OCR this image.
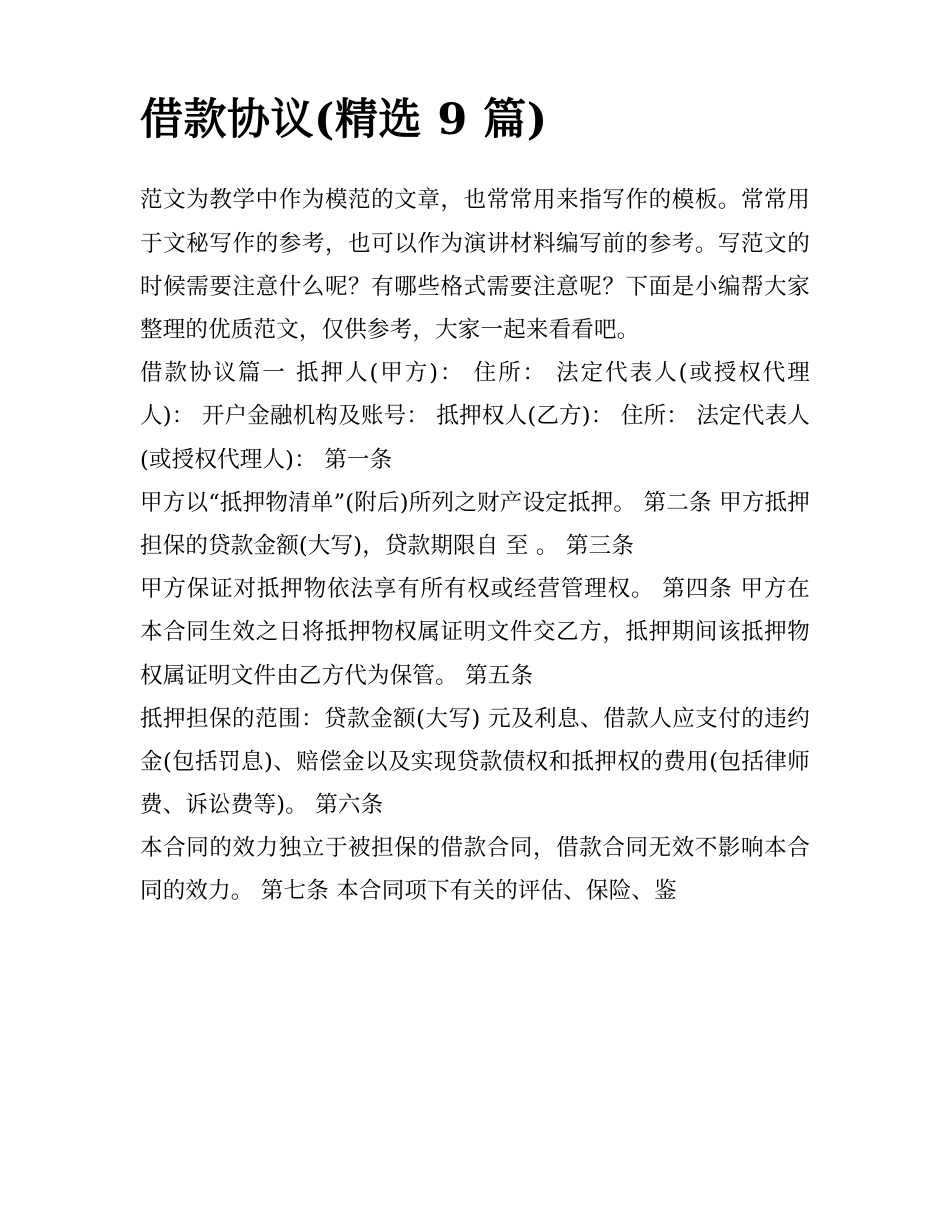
借款协议(精选 9 篇)

范文为教学中作为模范的文章，也常常用来指写作的模板。常常用于文秘写作的参考，也可以作为演讲材料编写前的参考。写范文的时候需要注意什么呢？有哪些格式需要注意呢？下面是小编帮大家整理的优质范文，仅供参考，大家一起来看看吧。

借款协议篇一 抵押人(甲方)： 住所： 法定代表人(或授权代理人)： 开户金融机构及账号： 抵押权人(乙方)： 住所： 法定代表人(或授权代理人)： 第一条

甲方以“抵押物清单”(附后)所列之财产设定抵押。 第二条 甲方抵押担保的贷款金额(大写)，贷款期限自 至 。 第三条

甲方保证对抵押物依法享有所有权或经营管理权。 第四条 甲方在本合同生效之日将抵押物权属证明文件交乙方，抵押期间该抵押物权属证明文件由乙方代为保管。 第五条

抵押担保的范围：贷款金额(大写) 元及利息、借款人应支付的违约金(包括罚息)、赔偿金以及实现贷款债权和抵押权的费用(包括律师费、诉讼费等)。 第六条

本合同的效力独立于被担保的借款合同，借款合同无效不影响本合同的效力。 第七条 本合同项下有关的评估、保险、鉴
